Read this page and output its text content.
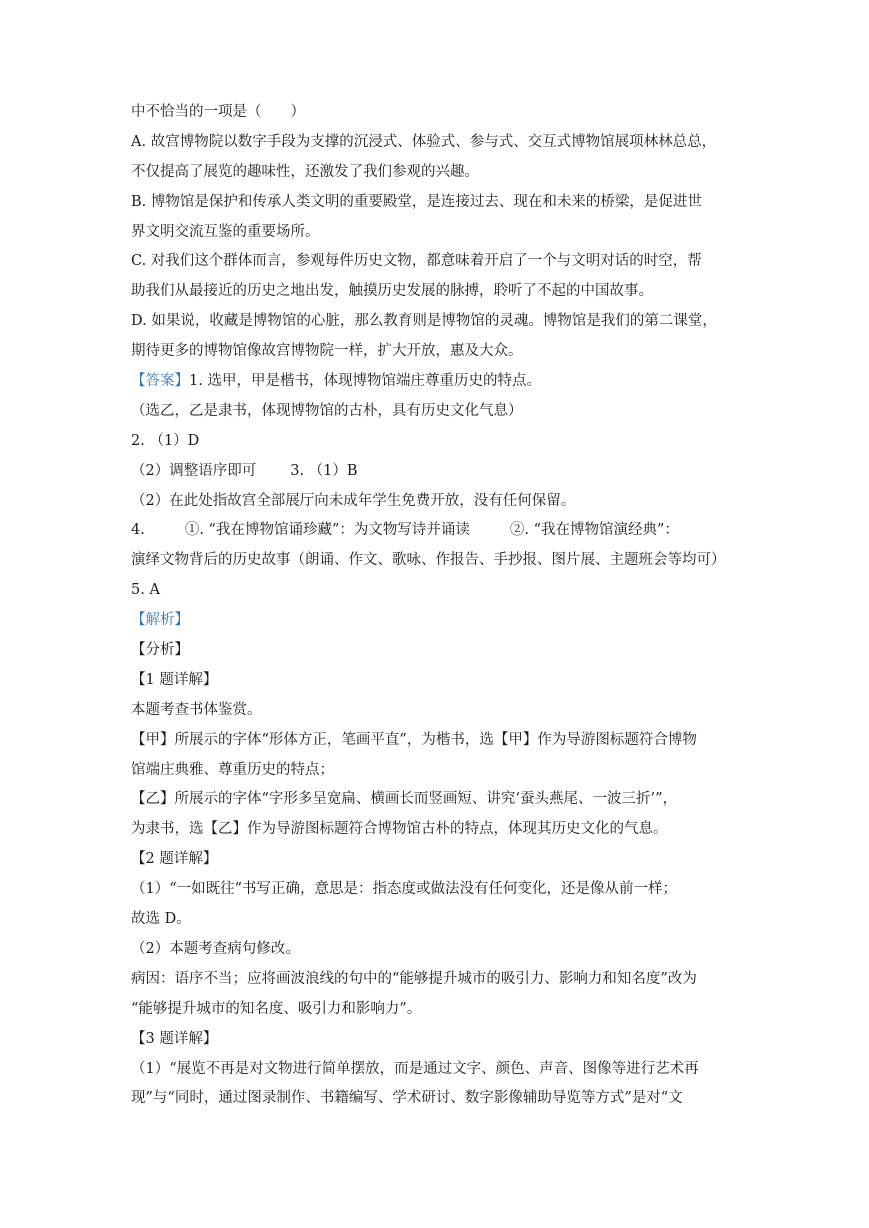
中不恰当的一项是（　　）
A. 故宫博物院以数字手段为支撑的沉浸式、体验式、参与式、交互式博物馆展项林林总总，
不仅提高了展览的趣味性，还激发了我们参观的兴趣。
B. 博物馆是保护和传承人类文明的重要殿堂，是连接过去、现在和未来的桥梁，是促进世
界文明交流互鉴的重要场所。
C. 对我们这个群体而言，参观每件历史文物，都意味着开启了一个与文明对话的时空，帮
助我们从最接近的历史之地出发，触摸历史发展的脉搏，聆听了不起的中国故事。
D. 如果说，收藏是博物馆的心脏，那么教育则是博物馆的灵魂。博物馆是我们的第二课堂，
期待更多的博物馆像故宫博物院一样，扩大开放，惠及大众。
【答案】1. 选甲，甲是楷书，体现博物馆端庄尊重历史的特点。
（选乙，乙是隶书，体现博物馆的古朴，具有历史文化气息）
2. （1）D
（2）调整语序即可 3. （1）B
（2）在此处指故宫全部展厅向未成年学生免费开放，没有任何保留。
4.	①. “我在博物馆诵珍藏”：为文物写诗并诵读	②. “我在博物馆演经典”：
演绎文物背后的历史故事（朗诵、作文、歌咏、作报告、手抄报、图片展、主题班会等均可）
5. A
【解析】
【分析】
【1 题详解】
本题考查书体鉴赏。
【甲】所展示的字体“形体方正，笔画平直”，为楷书，选【甲】作为导游图标题符合博物
馆端庄典雅、尊重历史的特点；
【乙】所展示的字体“字形多呈宽扁、横画长而竖画短、讲究‘蚕头燕尾、一波三折’”，
为隶书，选【乙】作为导游图标题符合博物馆古朴的特点，体现其历史文化的气息。
【2 题详解】
（1）“一如既往”书写正确，意思是：指态度或做法没有任何变化，还是像从前一样；
故选 D。
（2）本题考查病句修改。
病因：语序不当；应将画波浪线的句中的“能够提升城市的吸引力、影响力和知名度”改为
“能够提升城市的知名度、吸引力和影响力”。
【3 题详解】
（1）“展览不再是对文物进行简单摆放，而是通过文字、颜色、声音、图像等进行艺术再
现”与“同时，通过图录制作、书籍编写、学术研讨、数字影像辅助导览等方式”是对“文
